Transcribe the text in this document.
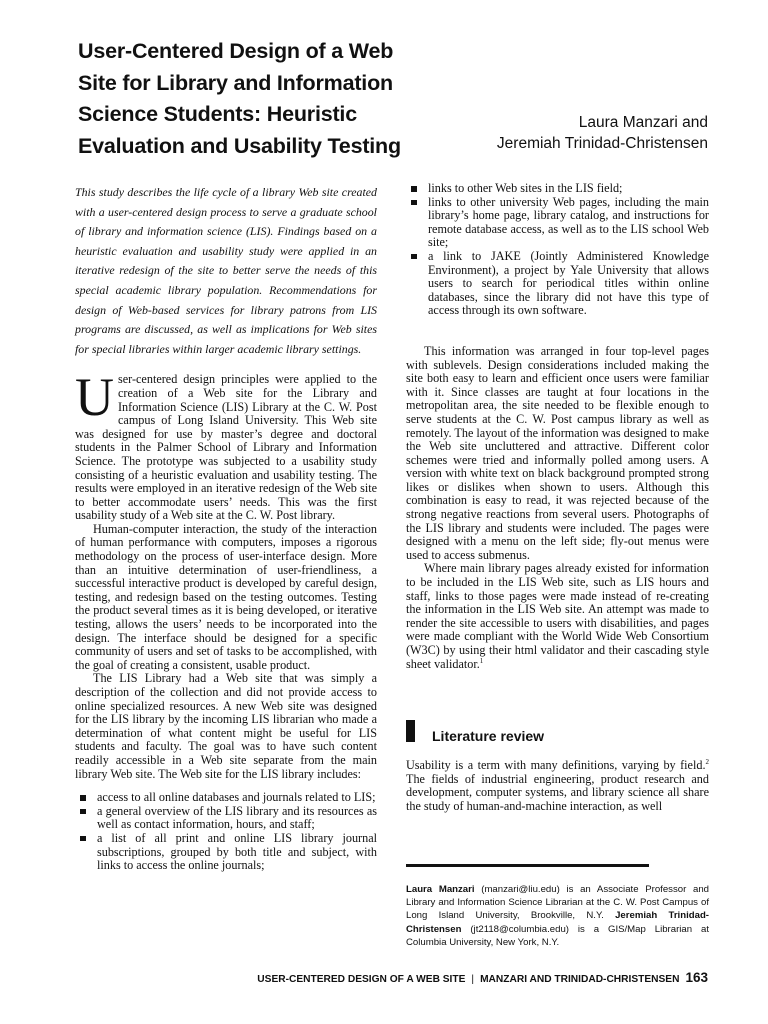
User-Centered Design of a Web
Site for Library and Information
Science Students: Heuristic
Evaluation and Usability Testing
Laura Manzari and
Jeremiah Trinidad-Christensen

This study describes the life cycle of a library Web site created with a user-centered design process to serve a graduate school of library and information science (LIS). Findings based on a heuristic evaluation and usability study were applied in an iterative redesign of the site to better serve the needs of this special academic library population. Recommendations for design of Web-based services for library patrons from LIS programs are discussed, as well as implications for Web sites for special libraries within larger academic library settings.

User-centered design principles were applied to the creation of a Web site for the Library and Information Science (LIS) Library at the C. W. Post campus of Long Island University. This Web site was designed for use by master’s degree and doctoral students in the Palmer School of Library and Information Science. The prototype was subjected to a usability study consisting of a heuristic evaluation and usability testing. The results were employed in an iterative redesign of the Web site to better accommodate users’ needs. This was the first usability study of a Web site at the C. W. Post library.

Human-computer interaction, the study of the interaction of human performance with computers, imposes a rigorous methodology on the process of user-interface design. More than an intuitive determination of user-friendliness, a successful interactive product is developed by careful design, testing, and redesign based on the testing outcomes. Testing the product several times as it is being developed, or iterative testing, allows the users’ needs to be incorporated into the design. The interface should be designed for a specific community of users and set of tasks to be accomplished, with the goal of creating a consistent, usable product.

The LIS Library had a Web site that was simply a description of the collection and did not provide access to online specialized resources. A new Web site was designed for the LIS library by the incoming LIS librarian who made a determination of what content might be useful for LIS students and faculty. The goal was to have such content readily accessible in a Web site separate from the main library Web site. The Web site for the LIS library includes:

access to all online databases and journals related to LIS;
a general overview of the LIS library and its resources as well as contact information, hours, and staff;
a list of all print and online LIS library journal subscriptions, grouped by both title and subject, with links to access the online journals;
links to other Web sites in the LIS field;
links to other university Web pages, including the main library’s home page, library catalog, and instructions for remote database access, as well as to the LIS school Web site;
a link to JAKE (Jointly Administered Knowledge Environment), a project by Yale University that allows users to search for periodical titles within online databases, since the library did not have this type of access through its own software.

This information was arranged in four top-level pages with sublevels. Design considerations included making the site both easy to learn and efficient once users were familiar with it. Since classes are taught at four locations in the metropolitan area, the site needed to be flexible enough to serve students at the C. W. Post campus library as well as remotely. The layout of the information was designed to make the Web site uncluttered and attractive. Different color schemes were tried and informally polled among users. A version with white text on black background prompted strong likes or dislikes when shown to users. Although this combination is easy to read, it was rejected because of the strong negative reactions from several users. Photographs of the LIS library and students were included. The pages were designed with a menu on the left side; fly-out menus were used to access submenus.

Where main library pages already existed for information to be included in the LIS Web site, such as LIS hours and staff, links to those pages were made instead of re-creating the information in the LIS Web site. An attempt was made to render the site accessible to users with disabilities, and pages were made compliant with the World Wide Web Consortium (W3C) by using their html validator and their cascading style sheet validator.$^1$

Literature review

Usability is a term with many definitions, varying by field.$^2$ The fields of industrial engineering, product research and development, computer systems, and library science all share the study of human-and-machine interaction, as well

Laura Manzari (manzari@liu.edu) is an Associate Professor and Library and Information Science Librarian at the C. W. Post Campus of Long Island University, Brookville, N.Y. Jeremiah Trinidad-Christensen (jt2118@columbia.edu) is a GIS/Map Librarian at Columbia University, New York, N.Y.

USER-CENTERED DESIGN OF A WEB SITE | MANZARI AND TRINIDAD-CHRISTENSEN 163
